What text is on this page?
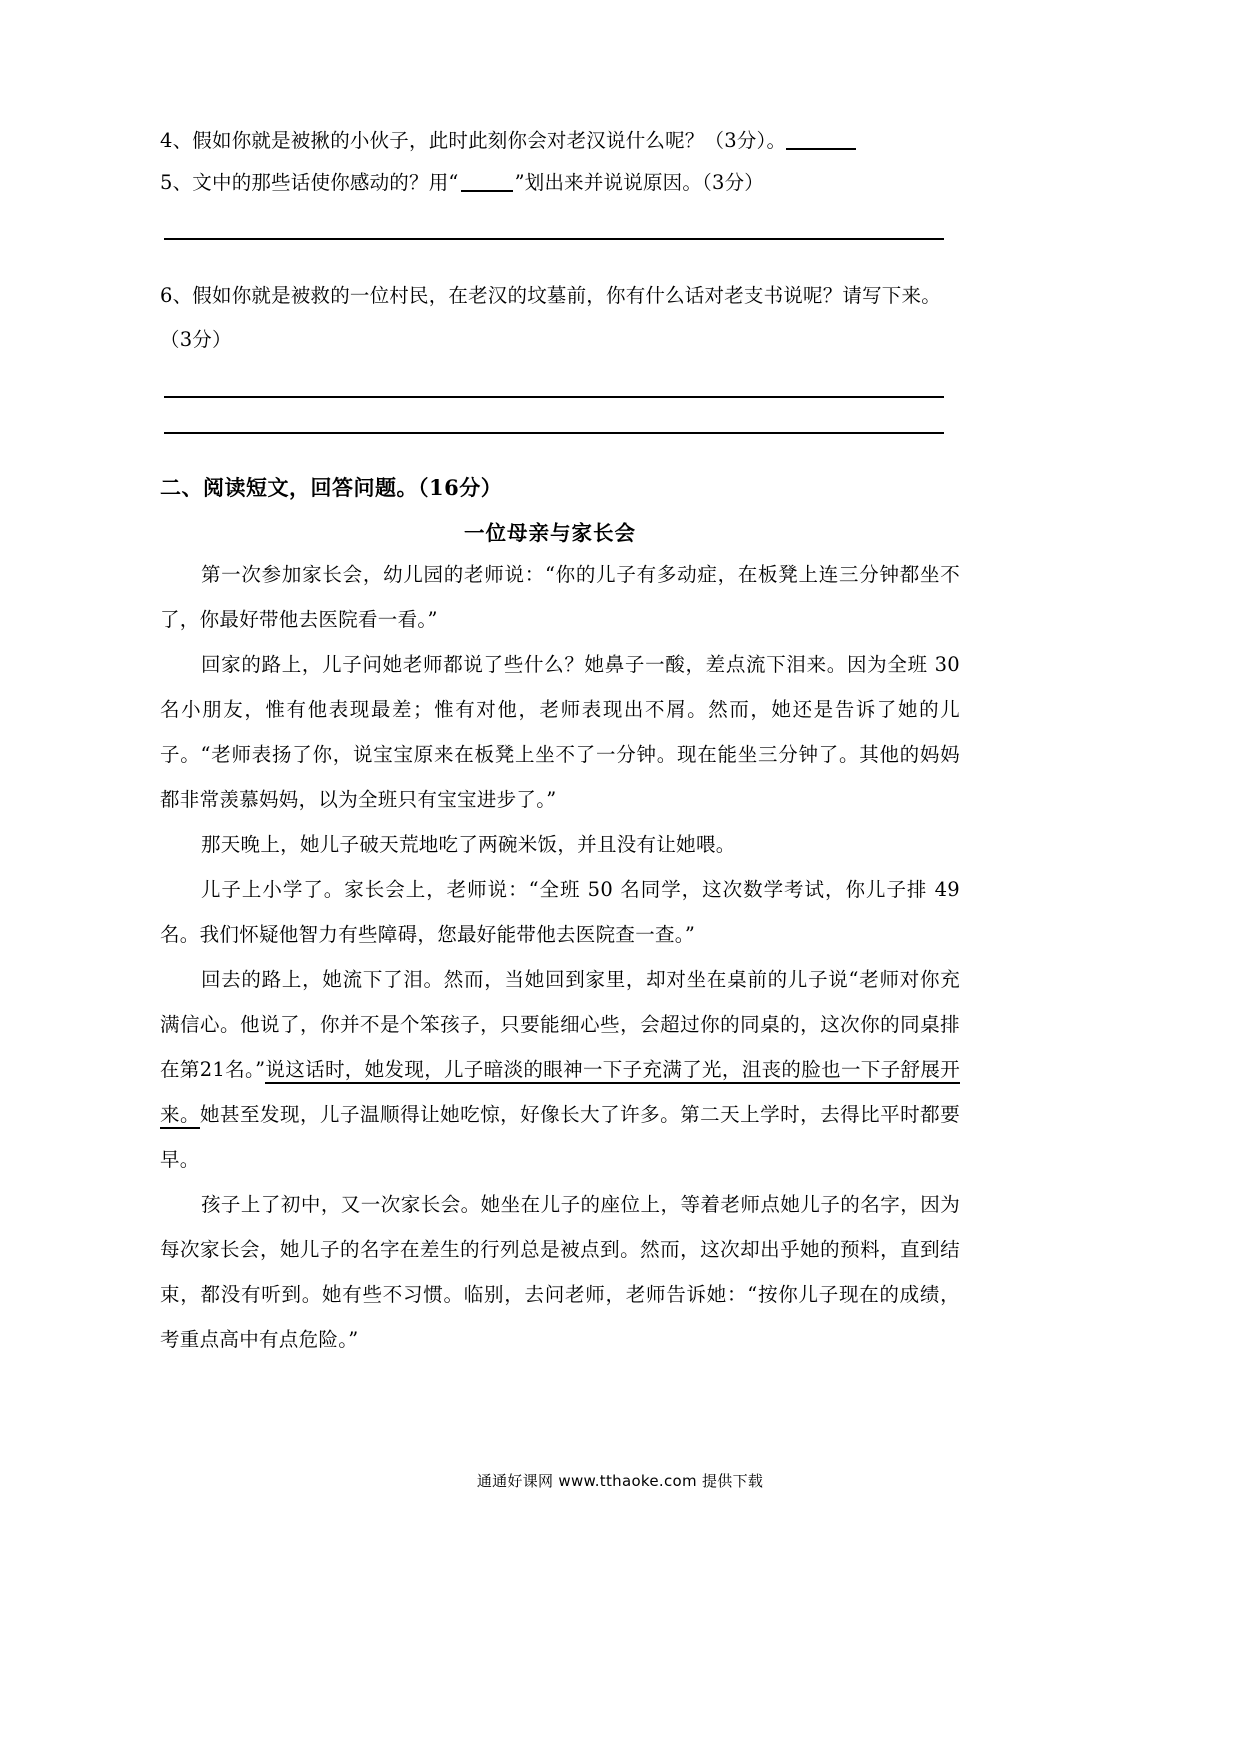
4、假如你就是被揪的小伙子，此时此刻你会对老汉说什么呢？（3分）。
5、文中的那些话使你感动的？用“	”划出来并说说原因。（3分）
6、假如你就是被救的一位村民，在老汉的坟墓前，你有什么话对老支书说呢？请写下来。（3分）
二、阅读短文，回答问题。（16分）
一位母亲与家长会

第一次参加家长会，幼儿园的老师说：“你的儿子有多动症，在板凳上连三分钟都坐不了，你最好带他去医院看一看。”

回家的路上，儿子问她老师都说了些什么？她鼻子一酸，差点流下泪来。因为全班 30 名小朋友，惟有他表现最差；惟有对他，老师表现出不屑。然而，她还是告诉了她的儿子。“老师表扬了你，说宝宝原来在板凳上坐不了一分钟。现在能坐三分钟了。其他的妈妈都非常羡慕妈妈，以为全班只有宝宝进步了。”

那天晚上，她儿子破天荒地吃了两碗米饭，并且没有让她喂。

儿子上小学了。家长会上，老师说：“全班 50 名同学，这次数学考试，你儿子排 49 名。我们怀疑他智力有些障碍，您最好能带他去医院查一查。”

回去的路上，她流下了泪。然而，当她回到家里，却对坐在桌前的儿子说“老师对你充满信心。他说了，你并不是个笨孩子，只要能细心些，会超过你的同桌的，这次你的同桌排在第21名。”说这话时，她发现，儿子暗淡的眼神一下子充满了光，沮丧的脸也一下子舒展开来。她甚至发现，儿子温顺得让她吃惊，好像长大了许多。第二天上学时，去得比平时都要早。

孩子上了初中，又一次家长会。她坐在儿子的座位上，等着老师点她儿子的名字，因为每次家长会，她儿子的名字在差生的行列总是被点到。然而，这次却出乎她的预料，直到结束，都没有听到。她有些不习惯。临别，去问老师，老师告诉她：“按你儿子现在的成绩，考重点高中有点危险。”

通通好课网 www.tthaoke.com 提供下载
